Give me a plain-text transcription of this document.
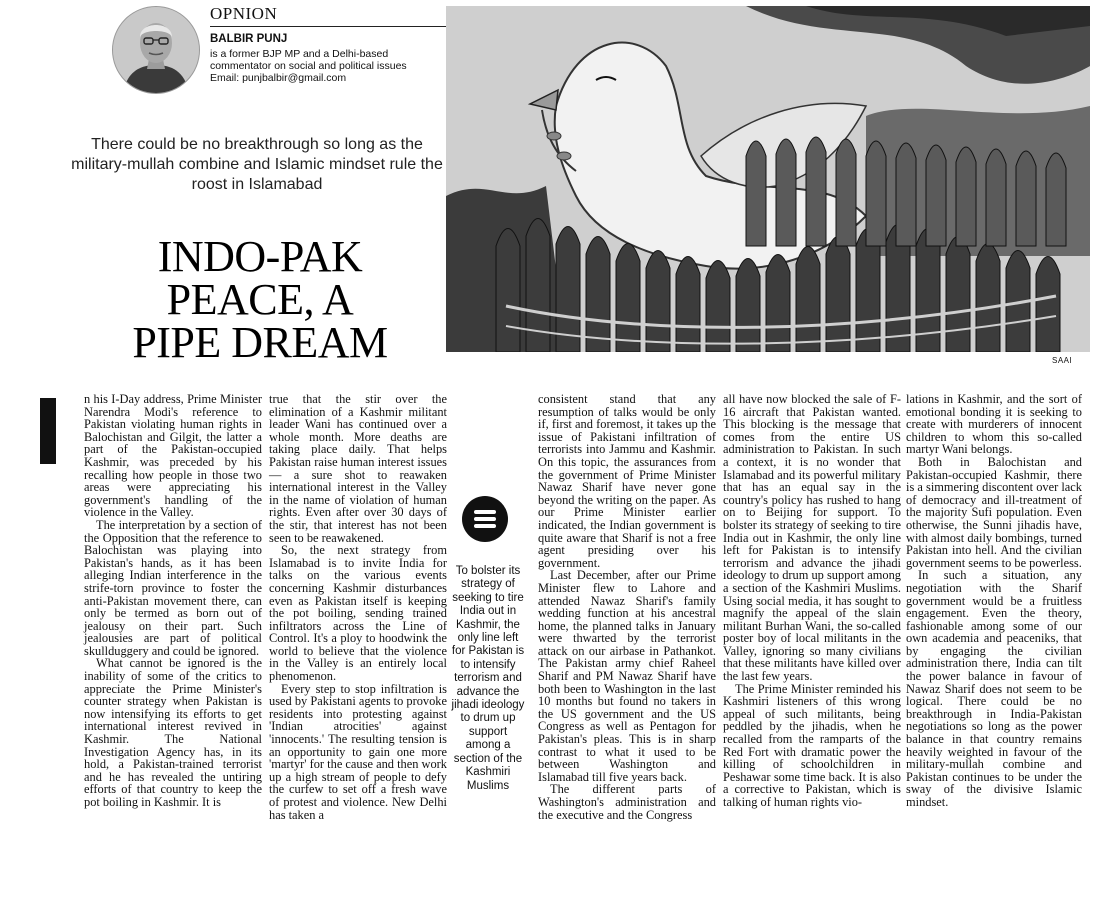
OPNION
BALBIR PUNJ
is a former BJP MP and a Delhi-based commentator on social and political issues
Email: punjbalbir@gmail.com
There could be no breakthrough so long as the military-mullah combine and Islamic mindset rule the roost in Islamabad
INDO-PAK
PEACE, A
PIPE DREAM	SAAI

n his I-Day address, Prime Minister Narendra Modi's reference to Pakistan violating human rights in Balochistan and Gilgit, the latter a part of the Pakistan-occupied Kashmir, was preceded by his recalling how people in those two areas were appreciating his government's handling of the violence in the Valley.

The interpretation by a section of the Opposition that the reference to Balochistan was playing into Pakistan's hands, as it has been alleging Indian interference in the strife-torn province to foster the anti-Pakistan movement there, can only be termed as born out of jealousy on their part. Such jealousies are part of political skullduggery and could be ignored.

What cannot be ignored is the inability of some of the critics to appreciate the Prime Minister's counter strategy when Pakistan is now intensifying its efforts to get international interest revived in Kashmir. The National Investigation Agency has, in its hold, a Pakistan-trained terrorist and he has revealed the untiring efforts of that country to keep the pot boiling in Kashmir. It is

true that the stir over the elimination of a Kashmir militant leader Wani has continued over a whole month. More deaths are taking place daily. That helps Pakistan raise human interest issues — a sure shot to reawaken international interest in the Valley in the name of violation of human rights. Even after over 30 days of the stir, that interest has not been seen to be reawakened.

So, the next strategy from Islamabad is to invite India for talks on the various events concerning Kashmir disturbances even as Pakistan itself is keeping the pot boiling, sending trained infiltrators across the Line of Control. It's a ploy to hoodwink the world to believe that the violence in the Valley is an entirely local phenomenon.

Every step to stop infiltration is used by Pakistani agents to provoke residents into protesting against 'Indian atrocities' against 'innocents.' The resulting tension is an opportunity to gain one more 'martyr' for the cause and then work up a high stream of people to defy the curfew to set off a fresh wave of protest and violence. New Delhi has taken a

To bolster its strategy of seeking to tire India out in Kashmir, the only line left for Pakistan is to intensify terrorism and advance the jihadi ideology to drum up support among a section of the Kashmiri Muslims

consistent stand that any resumption of talks would be only if, first and foremost, it takes up the issue of Pakistani infiltration of terrorists into Jammu and Kashmir. On this topic, the assurances from the government of Prime Minister Nawaz Sharif have never gone beyond the writing on the paper. As our Prime Minister earlier indicated, the Indian government is quite aware that Sharif is not a free agent presiding over his government.

Last December, after our Prime Minister flew to Lahore and attended Nawaz Sharif's family wedding function at his ancestral home, the planned talks in January were thwarted by the terrorist attack on our airbase in Pathankot. The Pakistan army chief Raheel Sharif and PM Nawaz Sharif have both been to Washington in the last 10 months but found no takers in the US government and the US Congress as well as Pentagon for Pakistan's pleas. This is in sharp contrast to what it used to be between Washington and Islamabad till five years back.

The different parts of Washington's administration and the executive and the Congress

all have now blocked the sale of F-16 aircraft that Pakistan wanted. This blocking is the message that comes from the entire US administration to Pakistan. In such a context, it is no wonder that Islamabad and its powerful military that has an equal say in the country's policy has rushed to hang on to Beijing for support. To bolster its strategy of seeking to tire India out in Kashmir, the only line left for Pakistan is to intensify terrorism and advance the jihadi ideology to drum up support among a section of the Kashmiri Muslims. Using social media, it has sought to magnify the appeal of the slain militant Burhan Wani, the so-called poster boy of local militants in the Valley, ignoring so many civilians that these militants have killed over the last few years.

The Prime Minister reminded his Kashmiri listeners of this wrong appeal of such militants, being peddled by the jihadis, when he recalled from the ramparts of the Red Fort with dramatic power the killing of schoolchildren in Peshawar some time back. It is also a corrective to Pakistan, which is talking of human rights vio-

lations in Kashmir, and the sort of emotional bonding it is seeking to create with murderers of innocent children to whom this so-called martyr Wani belongs.

Both in Balochistan and Pakistan-occupied Kashmir, there is a simmering discontent over lack of democracy and ill-treatment of the majority Sufi population. Even otherwise, the Sunni jihadis have, with almost daily bombings, turned Pakistan into hell. And the civilian government seems to be powerless.

In such a situation, any negotiation with the Sharif government would be a fruitless engagement. Even the theory, fashionable among some of our own academia and peaceniks, that by engaging the civilian administration there, India can tilt the power balance in favour of Nawaz Sharif does not seem to be logical. There could be no breakthrough in India-Pakistan negotiations so long as the power balance in that country remains heavily weighted in favour of the military-mullah combine and Pakistan continues to be under the sway of the divisive Islamic mindset.
